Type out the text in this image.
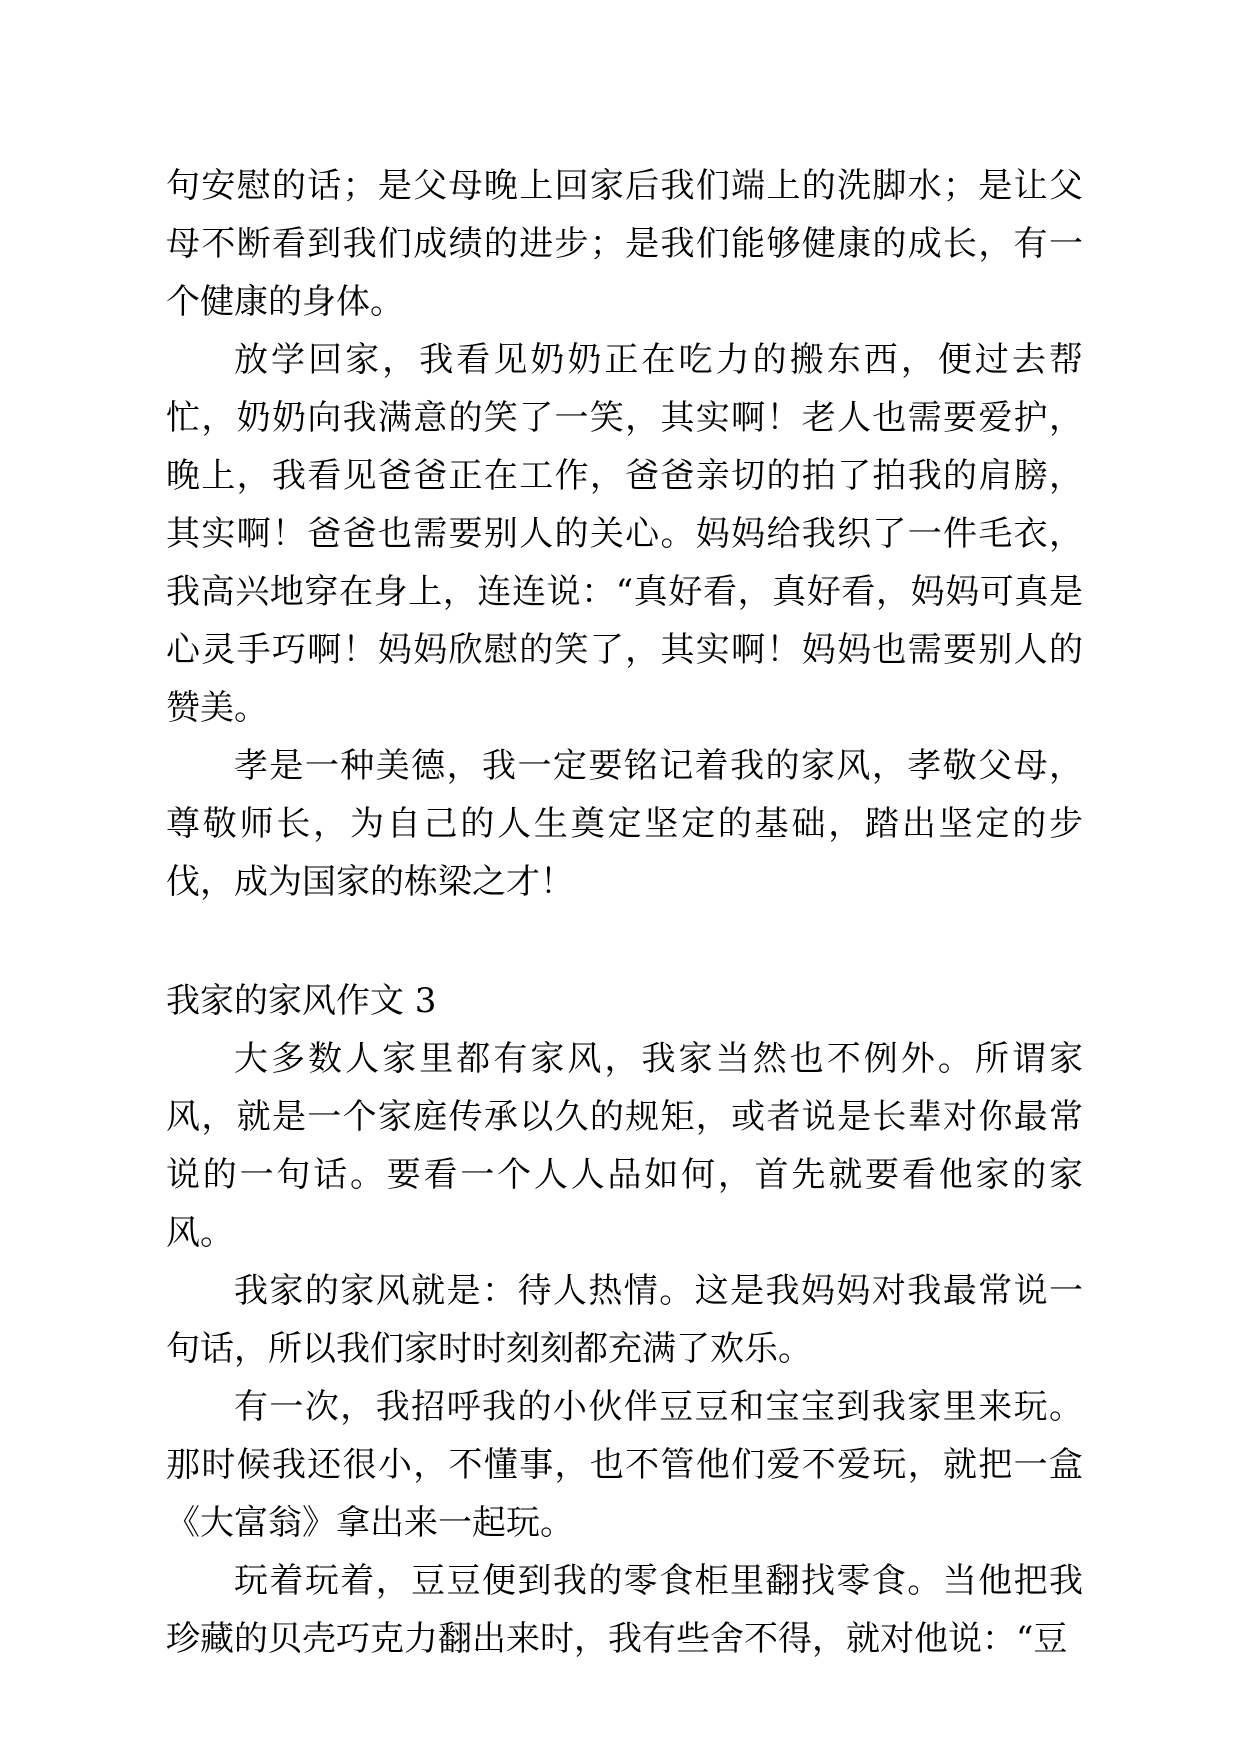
句安慰的话；是父母晚上回家后我们端上的洗脚水；是让父母不断看到我们成绩的进步；是我们能够健康的成长，有一个健康的身体。

放学回家，我看见奶奶正在吃力的搬东西，便过去帮忙，奶奶向我满意的笑了一笑，其实啊！老人也需要爱护，晚上，我看见爸爸正在工作，爸爸亲切的拍了拍我的肩膀，其实啊！爸爸也需要别人的关心。妈妈给我织了一件毛衣，我高兴地穿在身上，连连说：“真好看，真好看，妈妈可真是心灵手巧啊！妈妈欣慰的笑了，其实啊！妈妈也需要别人的赞美。

孝是一种美德，我一定要铭记着我的家风，孝敬父母，尊敬师长，为自己的人生奠定坚定的基础，踏出坚定的步伐，成为国家的栋梁之才！

我家的家风作文 3

大多数人家里都有家风，我家当然也不例外。所谓家风，就是一个家庭传承以久的规矩，或者说是长辈对你最常说的一句话。要看一个人人品如何，首先就要看他家的家风。

我家的家风就是：待人热情。这是我妈妈对我最常说一句话，所以我们家时时刻刻都充满了欢乐。

有一次，我招呼我的小伙伴豆豆和宝宝到我家里来玩。那时候我还很小，不懂事，也不管他们爱不爱玩，就把一盒《大富翁》拿出来一起玩。

玩着玩着，豆豆便到我的零食柜里翻找零食。当他把我珍藏的贝壳巧克力翻出来时，我有些舍不得，就对他说：“豆
